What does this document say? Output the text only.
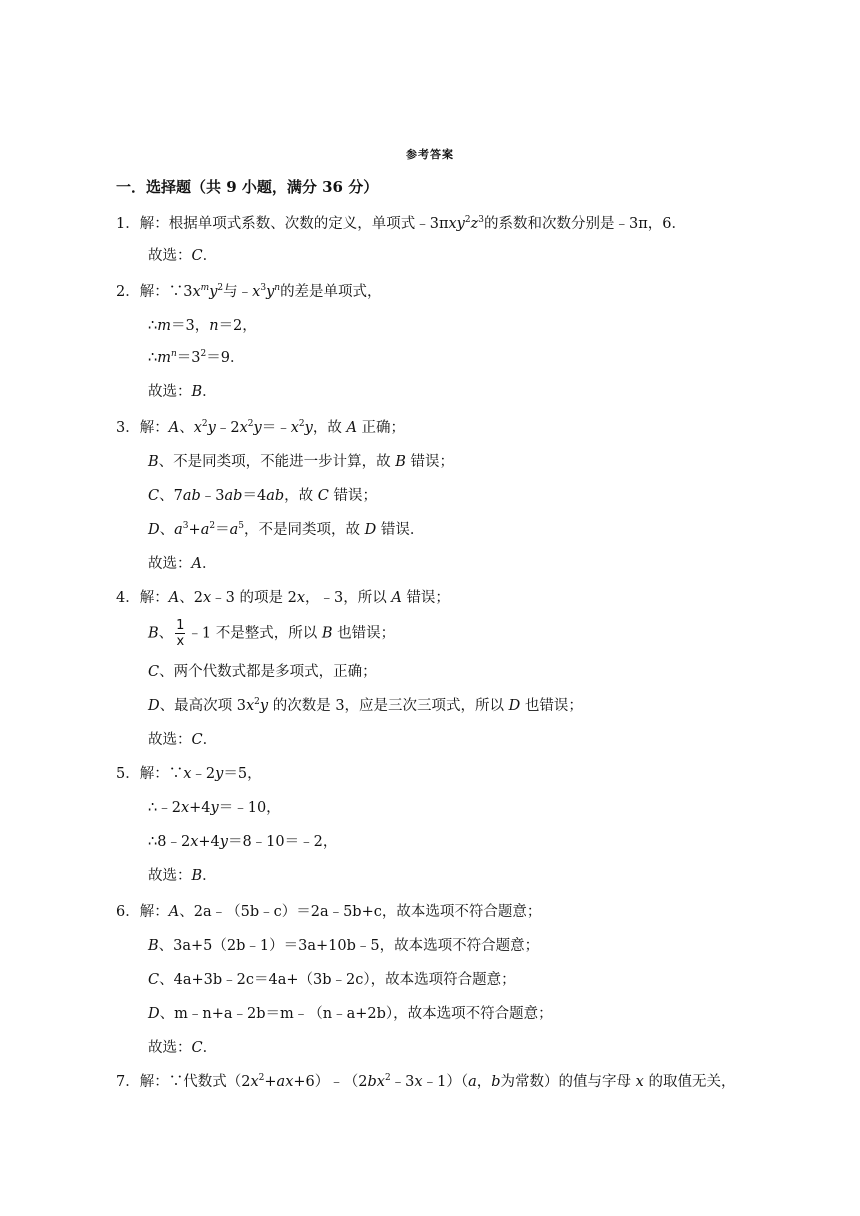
参考答案
一．选择题（共 9 小题，满分 36 分）
1．解：根据单项式系数、次数的定义，单项式$﹣3\pi xy^2z^3$的系数和次数分别是﹣3π，6．
故选：C．
2．解：$\because 3x^my^2$与$﹣x^3y^n$的差是单项式，
∴m＝3，n＝2，
$\therefore m^n=3^2=9$．
故选：B．
3．解：A、$x^2y﹣2x^2y=﹣x^2y$，故 A 正确；
B、不是同类项，不能进一步计算，故 B 错误；
C、7ab﹣3ab＝4ab，故 C 错误；
D、$a^3+a^2=a^5$，不是同类项，故 D 错误．
故选：A．
4．解：A、2x﹣3 的项是 2x，﹣3，所以 A 错误；
B、 $\frac{1}{x}$ ﹣1 不是整式，所以 B 也错误；
C、两个代数式都是多项式，正确；
D、最高次项 $3x^2y$ 的次数是 3，应是三次三项式，所以 D 也错误；
故选：C．
5．解：∵x﹣2y＝5，
∴﹣2x+4y＝﹣10，
∴8﹣2x+4y＝8﹣10＝﹣2，
故选：B．
6．解：A、2a﹣（5b﹣c）＝2a﹣5b+c，故本选项不符合题意；
B、3a+5（2b﹣1）＝3a+10b﹣5，故本选项不符合题意；
C、4a+3b﹣2c＝4a+（3b﹣2c），故本选项符合题意；
D、m﹣n+a﹣2b＝m﹣（n﹣a+2b），故本选项不符合题意；
故选：C．
7．解：∵代数式$(2x^2+ax+6)﹣(2bx^2﹣3x﹣1)(a$，b为常数）的值与字母 x 的取值无关，
